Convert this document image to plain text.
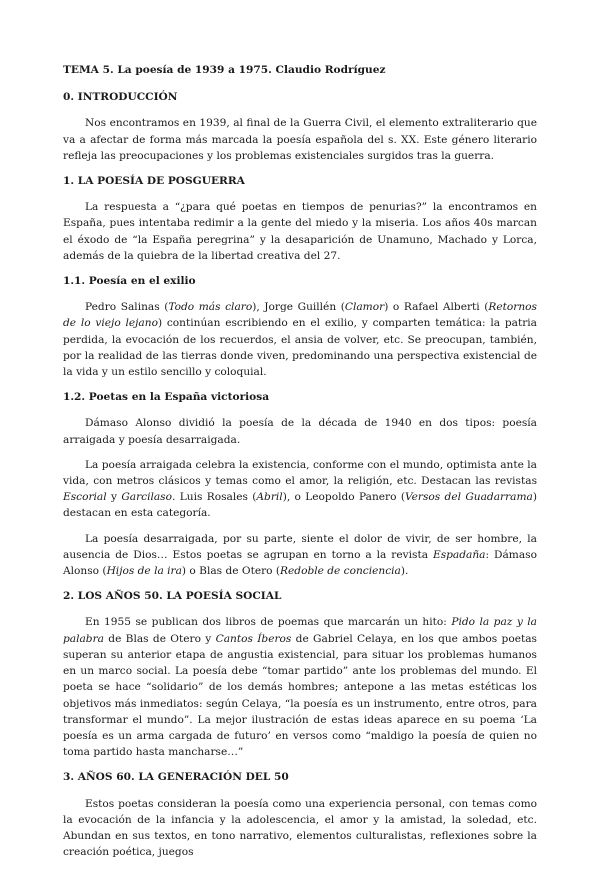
TEMA 5. La poesía de 1939 a 1975. Claudio Rodríguez
0. INTRODUCCIÓN

Nos encontramos en 1939, al final de la Guerra Civil, el elemento extraliterario que va a afectar de forma más marcada la poesía española del s. XX. Este género literario refleja las preocupaciones y los problemas existenciales surgidos tras la guerra.

1. LA POESÍA DE POSGUERRA

La respuesta a “¿para qué poetas en tiempos de penurias?” la encontramos en España, pues intentaba redimir a la gente del miedo y la miseria. Los años 40s marcan el éxodo de “la España peregrina” y la desaparición de Unamuno, Machado y Lorca, además de la quiebra de la libertad creativa del 27.

1.1. Poesía en el exilio

Pedro Salinas (Todo más claro), Jorge Guillén (Clamor) o Rafael Alberti (Retornos de lo viejo lejano) continúan escribiendo en el exilio, y comparten temática: la patria perdida, la evocación de los recuerdos, el ansia de volver, etc. Se preocupan, también, por la realidad de las tierras donde viven, predominando una perspectiva existencial de la vida y un estilo sencillo y coloquial.

1.2. Poetas en la España victoriosa

Dámaso Alonso dividió la poesía de la década de 1940 en dos tipos: poesía arraigada y poesía desarraigada.

La poesía arraigada celebra la existencia, conforme con el mundo, optimista ante la vida, con metros clásicos y temas como el amor, la religión, etc. Destacan las revistas Escorial y Garcilaso. Luis Rosales (Abril), o Leopoldo Panero (Versos del Guadarrama) destacan en esta categoría.

La poesía desarraigada, por su parte, siente el dolor de vivir, de ser hombre, la ausencia de Dios… Estos poetas se agrupan en torno a la revista Espadaña: Dámaso Alonso (Hijos de la ira) o Blas de Otero (Redoble de conciencia).

2. LOS AÑOS 50. LA POESÍA SOCIAL

En 1955 se publican dos libros de poemas que marcarán un hito: Pido la paz y la palabra de Blas de Otero y Cantos Íberos de Gabriel Celaya, en los que ambos poetas superan su anterior etapa de angustia existencial, para situar los problemas humanos en un marco social. La poesía debe “tomar partido” ante los problemas del mundo. El poeta se hace “solidario” de los demás hombres; antepone a las metas estéticas los objetivos más inmediatos: según Celaya, “la poesía es un instrumento, entre otros, para transformar el mundo”. La mejor ilustración de estas ideas aparece en su poema ‘La poesía es un arma cargada de futuro’ en versos como “maldigo la poesía de quien no toma partido hasta mancharse…”

3. AÑOS 60. LA GENERACIÓN DEL 50

Estos poetas consideran la poesía como una experiencia personal, con temas como la evocación de la infancia y la adolescencia, el amor y la amistad, la soledad, etc. Abundan en sus textos, en tono narrativo, elementos culturalistas, reflexiones sobre la creación poética, juegos
